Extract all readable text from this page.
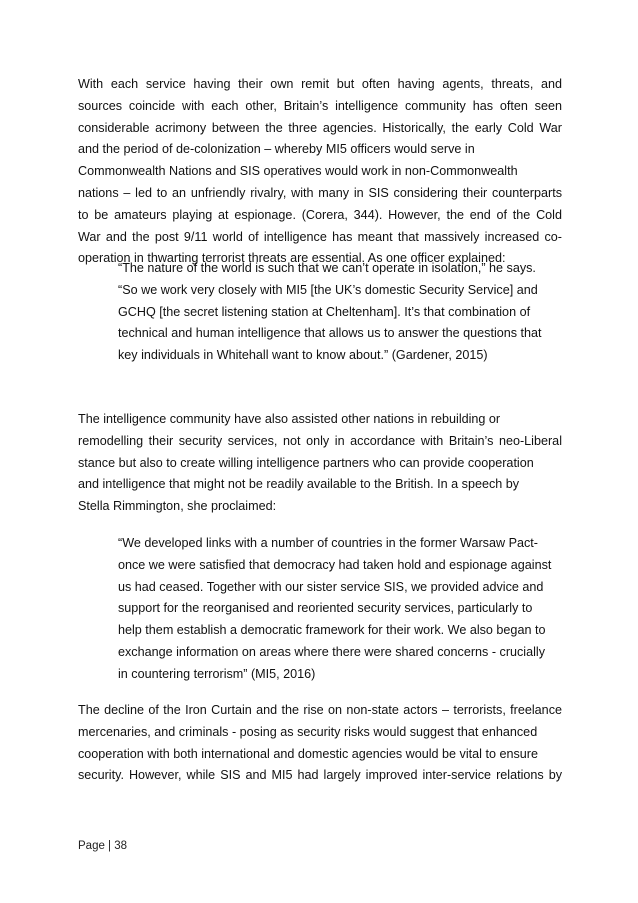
With each service having their own remit but often having agents, threats, and
sources coincide with each other, Britain’s intelligence community has often seen
considerable acrimony between the three agencies. Historically, the early Cold War
and the period of de-colonization – whereby MI5 officers would serve in
Commonwealth Nations and SIS operatives would work in non-Commonwealth
nations – led to an unfriendly rivalry, with many in SIS considering their counterparts
to be amateurs playing at espionage. (Corera, 344). However, the end of the Cold
War and the post 9/11 world of intelligence has meant that massively increased co-
operation in thwarting terrorist threats are essential. As one officer explained:

“The nature of the world is such that we can’t operate in isolation,” he says.
“So we work very closely with MI5 [the UK’s domestic Security Service] and
GCHQ [the secret listening station at Cheltenham]. It’s that combination of
technical and human intelligence that allows us to answer the questions that
key individuals in Whitehall want to know about.” (Gardener, 2015)

The intelligence community have also assisted other nations in rebuilding or
remodelling their security services, not only in accordance with Britain’s neo-Liberal
stance but also to create willing intelligence partners who can provide cooperation
and intelligence that might not be readily available to the British. In a speech by
Stella Rimmington, she proclaimed:

“We developed links with a number of countries in the former Warsaw Pact-
once we were satisfied that democracy had taken hold and espionage against
us had ceased. Together with our sister service SIS, we provided advice and
support for the reorganised and reoriented security services, particularly to
help them establish a democratic framework for their work. We also began to
exchange information on areas where there were shared concerns - crucially
in countering terrorism” (MI5, 2016)

The decline of the Iron Curtain and the rise on non-state actors – terrorists, freelance
mercenaries, and criminals - posing as security risks would suggest that enhanced
cooperation with both international and domestic agencies would be vital to ensure
security. However, while SIS and MI5 had largely improved inter-service relations by

Page | 38
